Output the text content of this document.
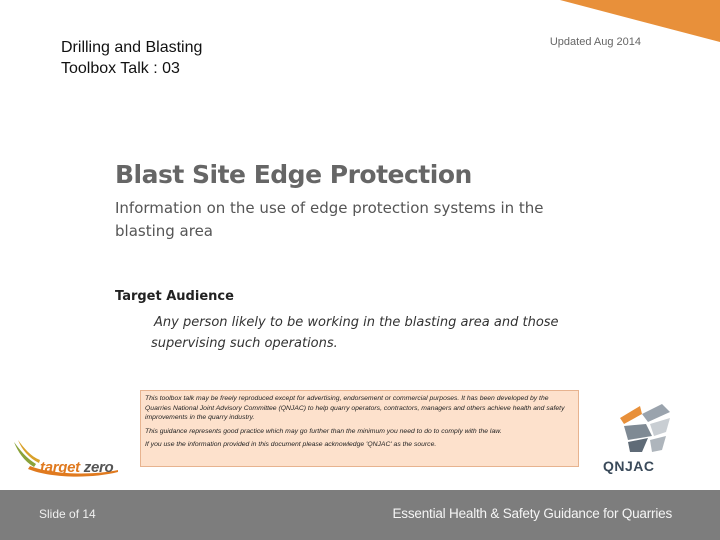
Drilling and Blasting
Toolbox Talk : 03
Updated Aug 2014
Blast Site Edge Protection
Information on the use of edge protection systems in the blasting area
Target Audience
Any person likely to be working in the blasting area and those supervising such operations.

This toolbox talk may be freely reproduced except for advertising, endorsement or commercial purposes. It has been developed by the Quarries National Joint Advisory Committee (QNJAC) to help quarry operators, contractors, managers and others achieve health and safety improvements in the quarry industry.

This guidance represents good practice which may go further than the minimum you need to do to comply with the law.

If you use the information provided in this document please acknowledge 'QNJAC' as the source.

target zero	QNJAC
Slide of 14	Essential Health & Safety Guidance for Quarries
